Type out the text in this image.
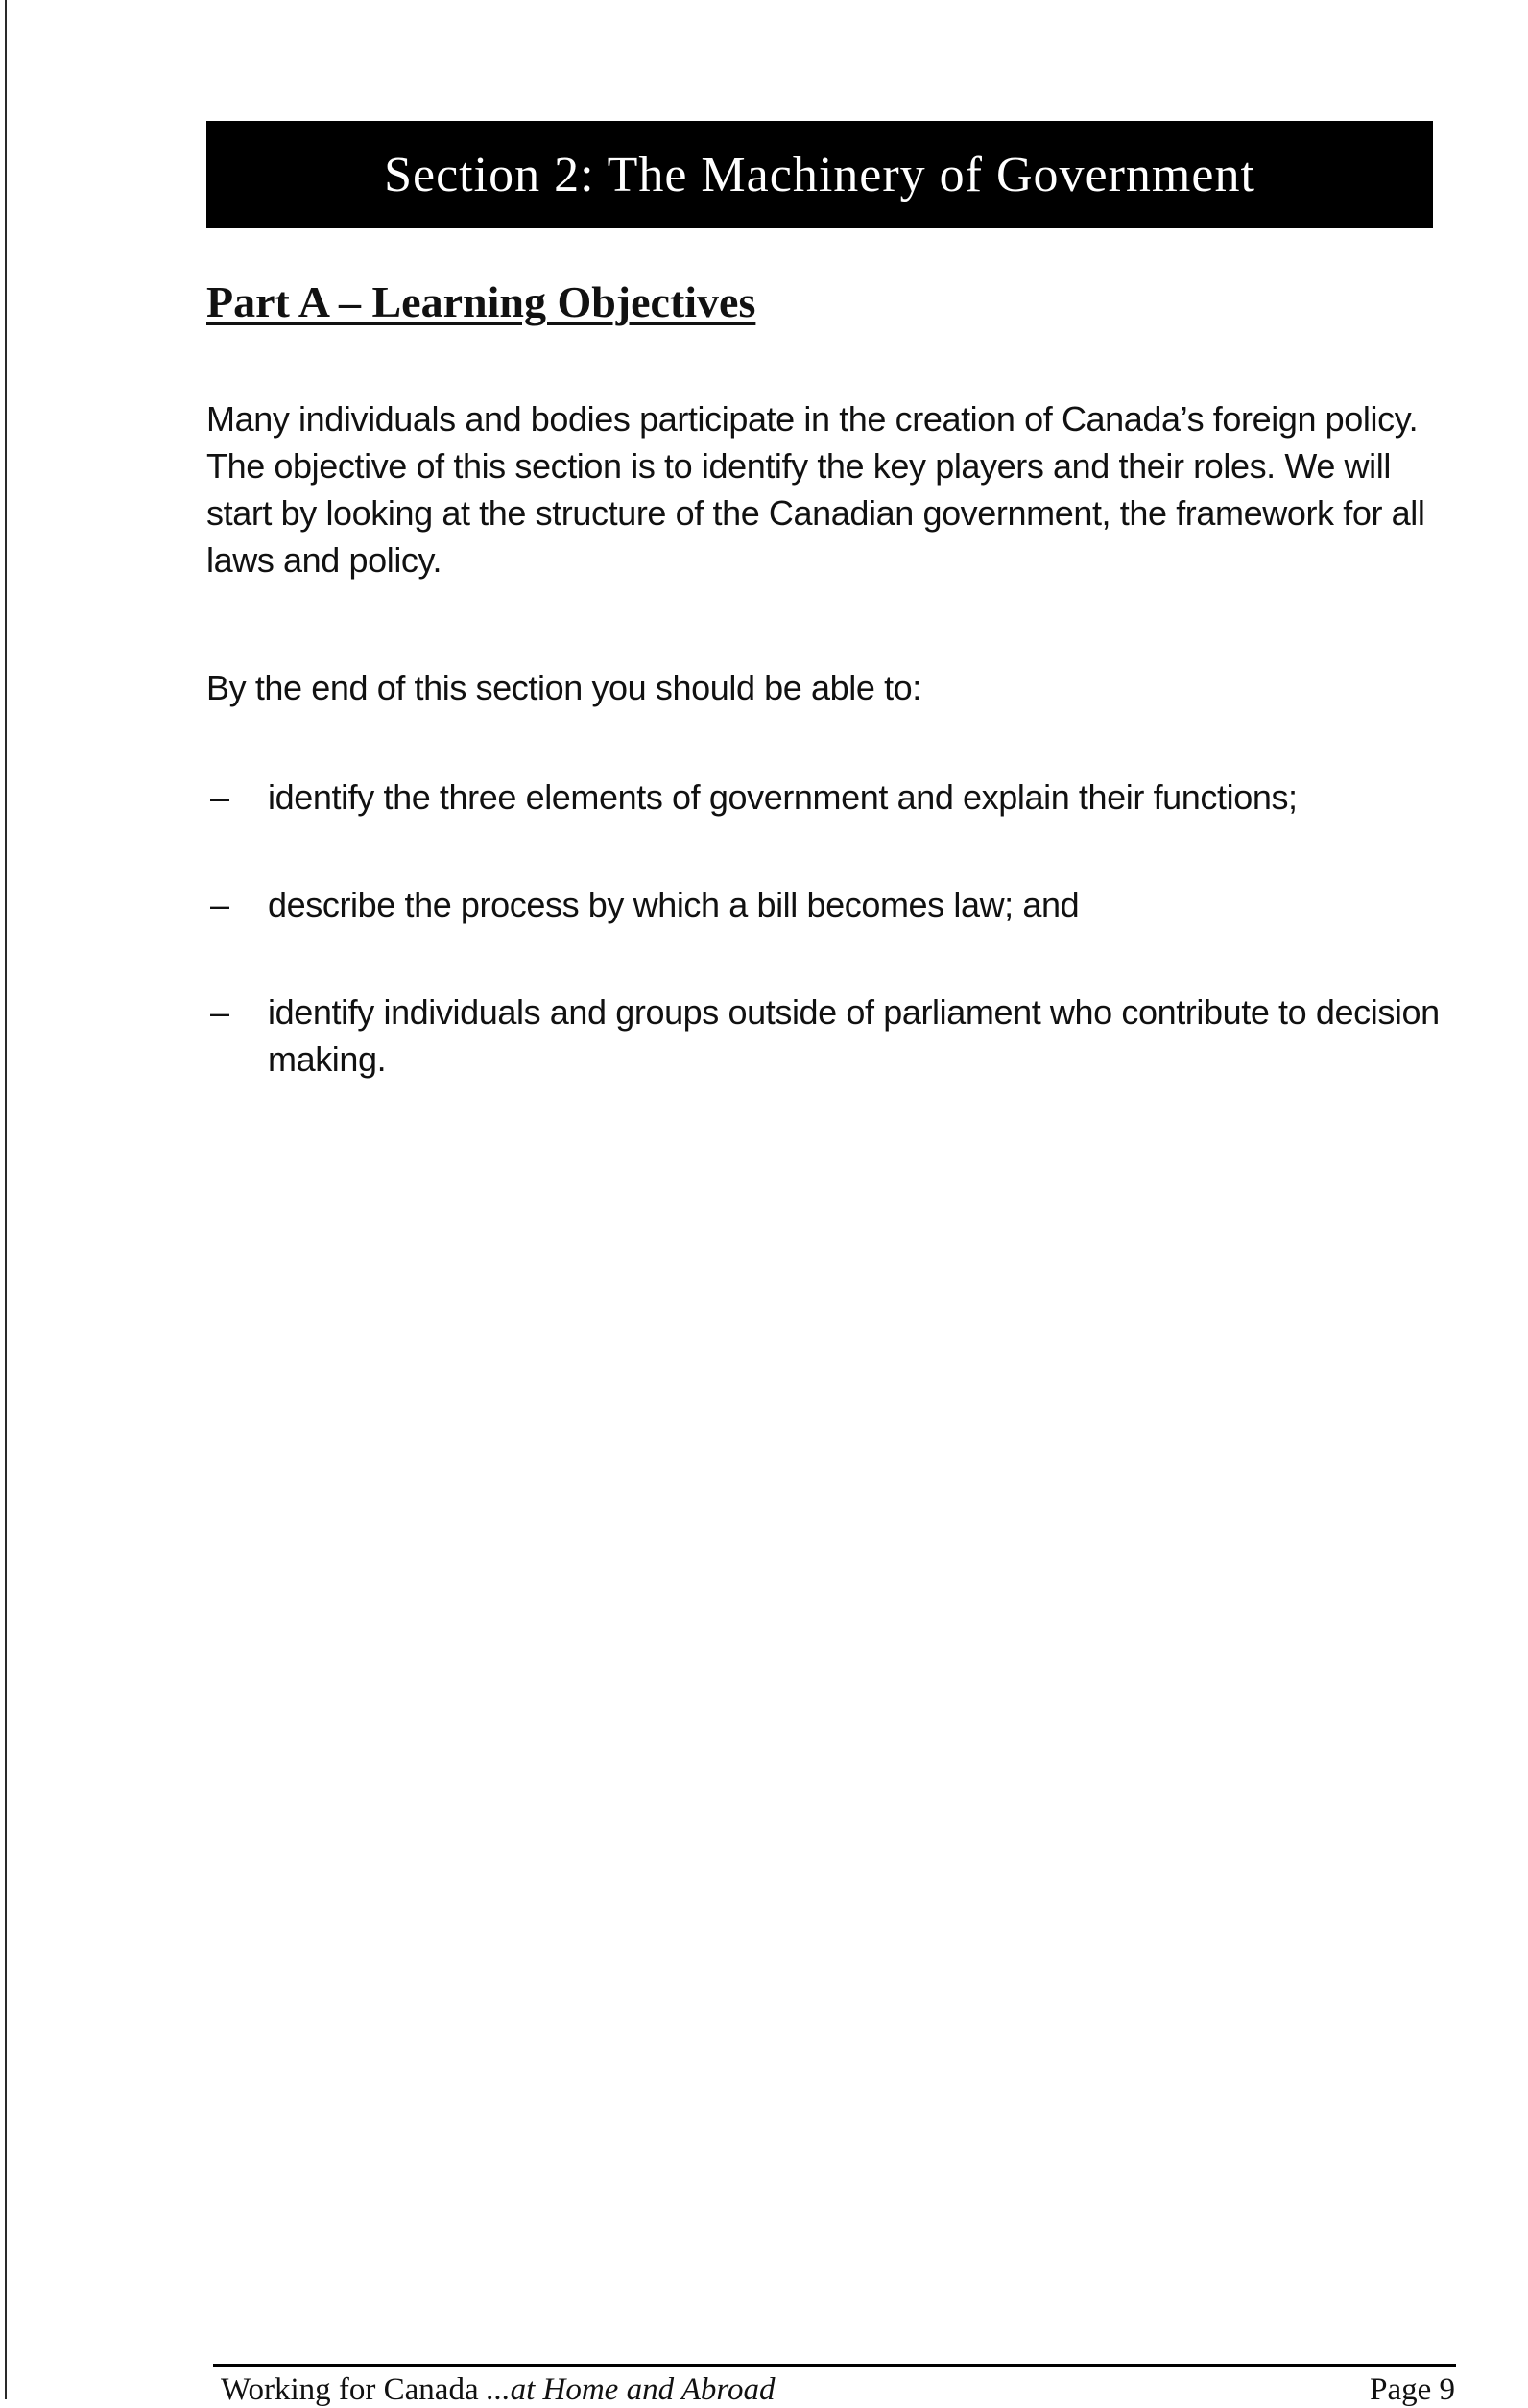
Section 2: The Machinery of Government
Part A – Learning Objectives

Many individuals and bodies participate in the creation of Canada’s foreign policy. The objective of this section is to identify the key players and their roles. We will start by looking at the structure of the Canadian government, the framework for all laws and policy.

By the end of this section you should be able to:

– identify the three elements of government and explain their functions;
– describe the process by which a bill becomes law; and
– identify individuals and groups outside of parliament who contribute to decision making.
Working for Canada ...at Home and Abroad	Page 9
